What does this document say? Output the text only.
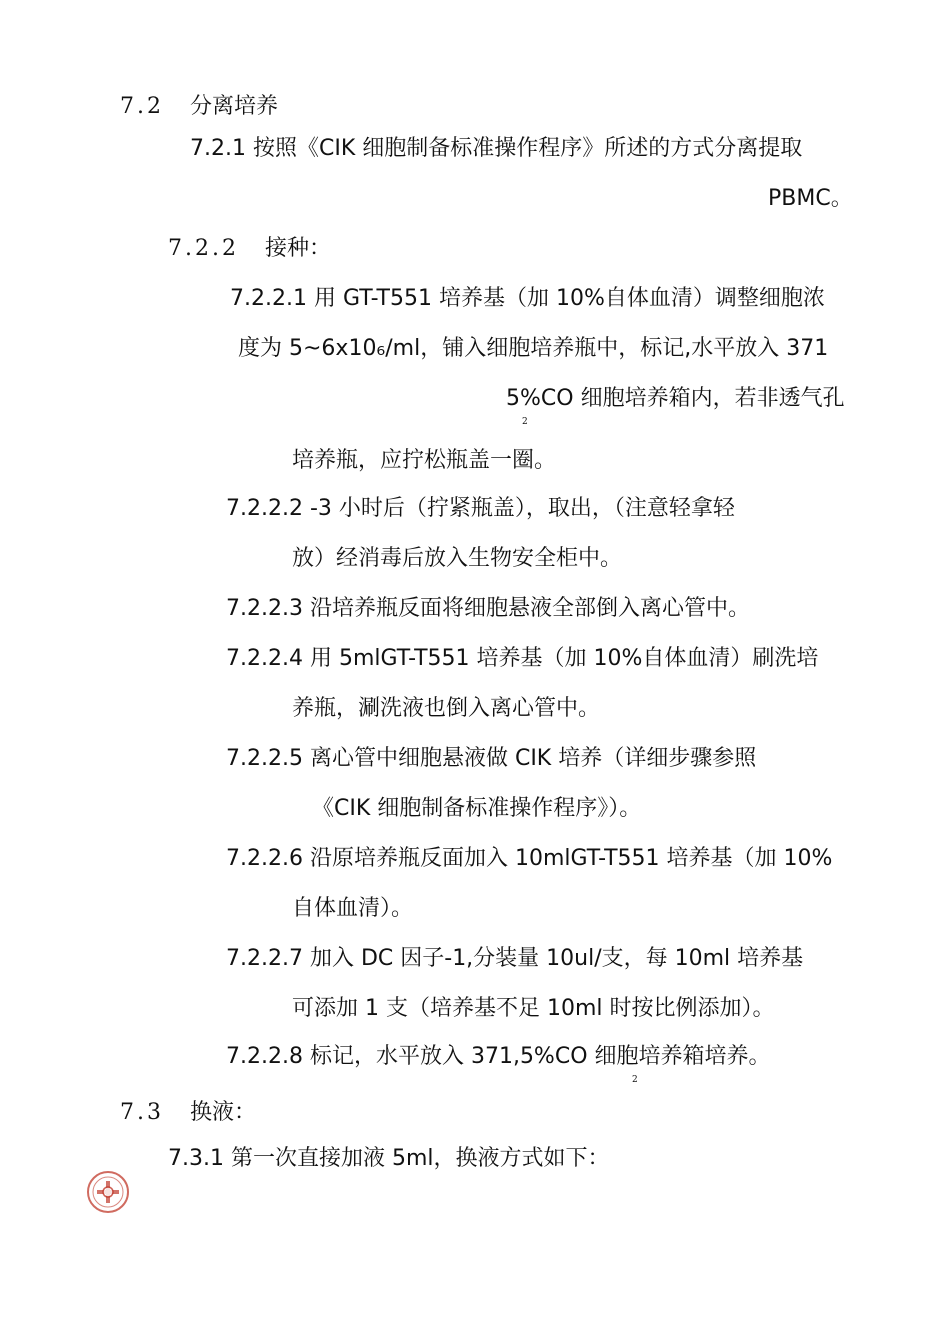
7.2 分离培养
7.2.1 按照《CIK 细胞制备标准操作程序》所述的方式分离提取
PBMC。
7.2.2 接种：
7.2.2.1 用 GT-T551 培养基（加 10%自体血清）调整细胞浓
度为 5~6x10₆/ml，铺入细胞培养瓶中，标记,水平放入 371
5%CO 细胞培养箱内，若非透气孔
2
培养瓶，应拧松瓶盖一圈。
7.2.2.2 -3 小时后（拧紧瓶盖），取出，（注意轻拿轻
放）经消毒后放入生物安全柜中。
7.2.2.3 沿培养瓶反面将细胞悬液全部倒入离心管中。
7.2.2.4 用 5mlGT-T551 培养基（加 10%自体血清）刷洗培
养瓶，涮洗液也倒入离心管中。
7.2.2.5 离心管中细胞悬液做 CIK 培养（详细步骤参照
《CIK 细胞制备标准操作程序》）。
7.2.2.6 沿原培养瓶反面加入 10mlGT-T551 培养基（加 10%
自体血清）。
7.2.2.7 加入 DC 因子-1,分装量 10ul/支，每 10ml 培养基
可添加 1 支（培养基不足 10ml 时按比例添加）。
7.2.2.8 标记，水平放入 371,5%CO 细胞培养箱培养。
2
7.3 换液：
7.3.1 第一次直接加液 5ml，换液方式如下：
